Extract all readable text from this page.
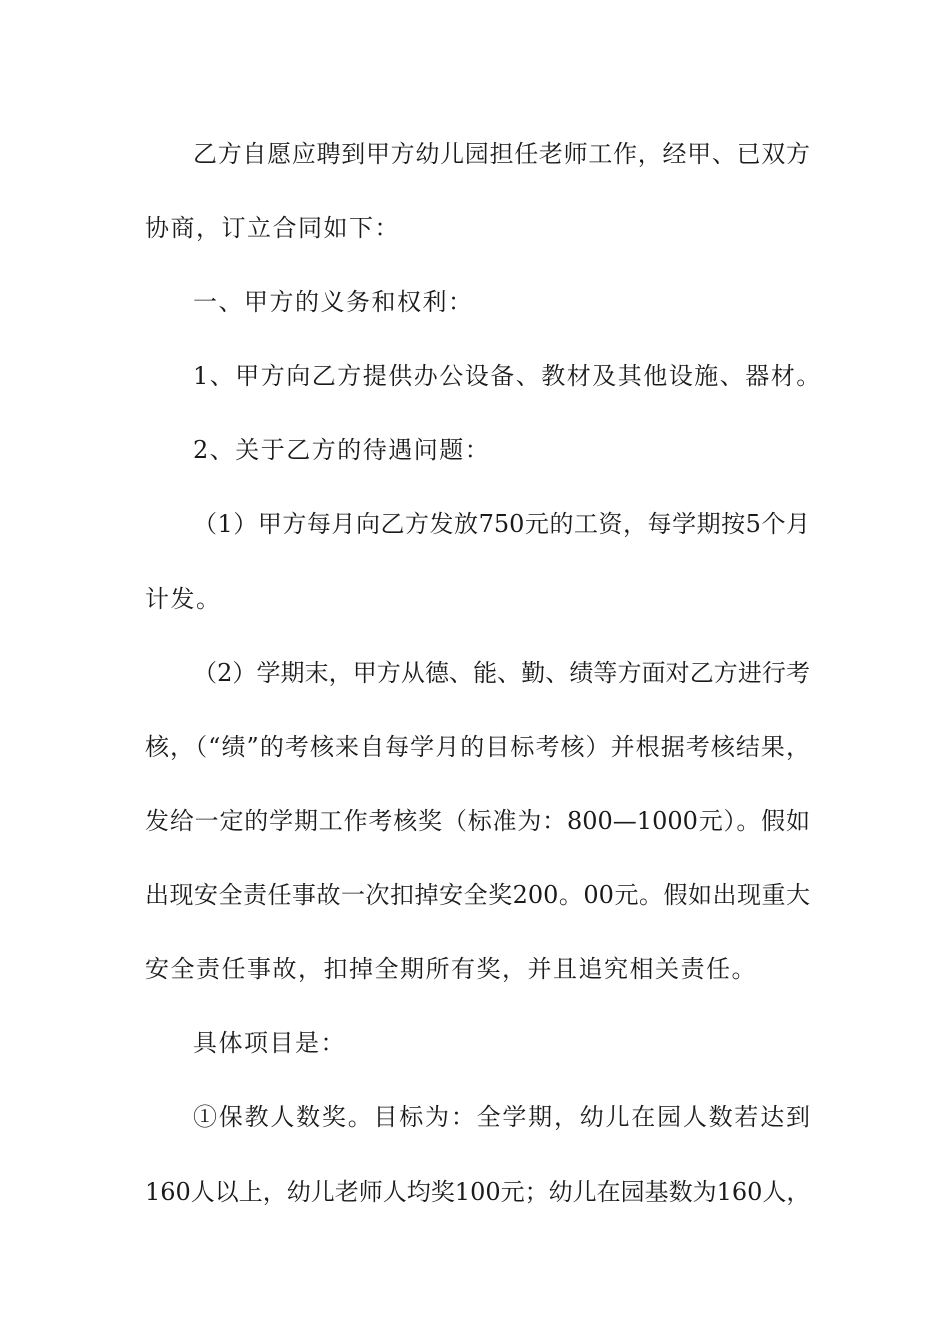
乙方自愿应聘到甲方幼儿园担任老师工作，经甲、已双方
协商，订立合同如下：
一、甲方的义务和权利：
1、甲方向乙方提供办公设备、教材及其他设施、器材。
2、关于乙方的待遇问题：
（1）甲方每月向乙方发放750元的工资，每学期按5个月
计发。
（2）学期末，甲方从德、能、勤、绩等方面对乙方进行考
核，（“绩”的考核来自每学月的目标考核）并根据考核结果，
发给一定的学期工作考核奖（标准为：800—1000元）。假如
出现安全责任事故一次扣掉安全奖200。00元。假如出现重大
安全责任事故，扣掉全期所有奖，并且追究相关责任。
具体项目是：
①保教人数奖。目标为：全学期，幼儿在园人数若达到
160人以上，幼儿老师人均奖100元；幼儿在园基数为160人，
